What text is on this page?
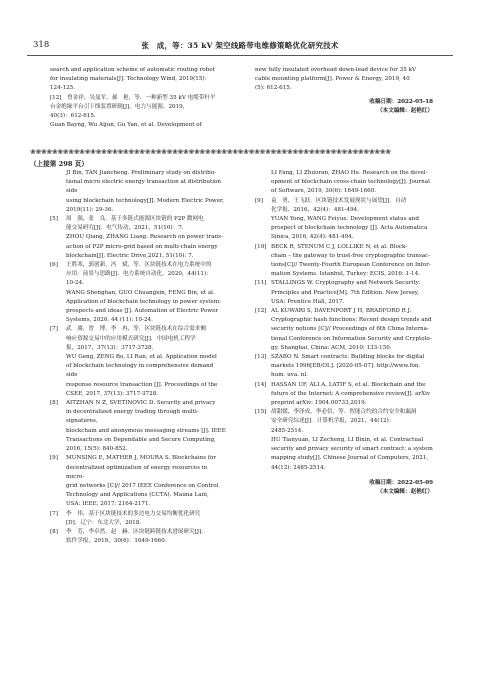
318	张　成，等：35 kV 架空线路带电维修策略优化研究技术

search and application scheme of automatic routing robot

for insulating materials[J]. Technology Wind, 2019(15):

124-125.

[12]　曾金祥，吴曼军，郝　艳，等．一种新型 35 kV 电缆带杆平

台金绝缘平台引下线装置研制[J]．电力与能源，2019，

40(3)：612-615.

Guan Bayng, Wu Aijun, Gu Yan, et al. Development of

new fully insulated overhead down-lead device for 35 kV

cable mounting platform[J]. Power & Energy, 2019, 40

(5): 612-615.

收稿日期：2022-05-18

（本文编辑：赵艳红）

❀❀❀❀❀❀❀❀❀❀❀❀❀❀❀❀❀❀❀❀❀❀❀❀❀❀❀❀❀❀❀❀❀❀❀❀❀❀❀❀❀❀❀❀❀❀❀❀❀❀❀❀❀❀❀❀❀❀❀❀❀❀❀❀❀❀
（上接第 298 页）

JI Bin, TAN Jiancheng. Preliminary study on distribu-

tional micro electric energy transaction at distribution side

using blockchain technology[J]. Modern Electric Power,

2019(11): 29-36.

[5] 周　强，张　良．基于多链式能源区块链的 P2P 微网电

能交易研究[J]．电气传动，2021，51(10)：7.

ZHOU Qiang, ZHANG Liang. Research on power trans-

action of P2P micro-grid based on multi-chain energy

blockchain[J]. Electric Drive,2021, 51(10): 7.

[6] 王胜寒，郭创新，冯　斌，等．区块链技术在电力系统中的

应用：前景与思路[J]．电力系统自动化，2020，44(11)：

10-24.

WANG Shenghan, GUO Chuangxin, FENG Bin, et al.

Application of blockchain technology in power system:

prospects and ideas [J]. Automation of Electric Power

Systems, 2020, 44 (11): 10-24.

[7] 武　赓，曾　博，李　冉，等．区块链技术在综合需求侧

响应资源交易中的应用模式研究[J]．中国电机工程学

报，2017，37(13)：3717-3728.

WU Geng, ZENG Bo, LI Ran, et al. Application model

of blockchain technology in comprehensive demand side

response resource transaction [J]. Proceedings of the

CSEE, 2017, 37(13): 3717-3728.

[8] AITZHAN N Z, SVETINOVIC D. Security and privacy

in decentralized energy trading through multi-signatures,

blockchain and anonymous messaging streams [J]. IEEE

Transactions on Dependable and Secure Computing,

2016, 15(5): 840-852.

[9] MUNSING E, MATHER J, MOURA S. Blockchains for

decentralized optimization of energy resources in micro-

grid networks [C]// 2017 IEEE Conference on Control

Technology and Applications (CCTA). Mauna Lani,

USA: IEEE, 2017: 2164-2171.

[7] 李　伟．基于区块链技术的多边电力交易均衡优化研究

[D]．辽宁：东北大学，2018.

[8] 李　芳，李卓然，赵　赫．区块链跨链技术进展研究[J]．

软件学报，2019，30(6)：1649-1660.

LI Fang, LI Zhuoran, ZHAO He. Research on the devel-

opment of blockchain cross-chain technology[J]. Journal

of Software, 2019, 30(6): 1649-1660.

[9] 袁　勇，王飞跃．区块链技术发展现状与展望[J]．自动

化学报，2016，42(4)：481-494.

YUAN Yong, WANG Feiyue. Development status and

prospect of blockchain technology [J]. Acta Automatica

Sinica, 2016, 42(4): 481-494.

[10] BECK R, STENUM C J, LOLLIKE N, et al. Block-

chain – the gateway to trust-free cryptographic transac-

tions[C]// Twenty-Fourth European Conference on Infor-

mation Systems. Istanbul, Turkey: ECIS, 2016: 1-14.

[11] STALLINGS W. Cryptography and Network Security:

Principles and Practice[M]. 7th Edition. New Jersey,

USA: Prentice Hall, 2017.

[12] AL KUWARI S, DAVENPORT J H, BRADFORD R J.

Cryptographic hash functions: Recent design trends and

security notions [C]// Proceedings of 6th China Interna-

tional Conference on Information Security and Cryptolo-

gy. Shanghai, China: ACM, 2010: 133-150.

[13] SZABO N. Smart contracts: Building blocks for digital

markets 1996[EB/OL]. [2020-05-07]. http://www.fon.

hum. uva. nl.

[14] HASSAN UF, ALI A, LATIF S, et al. Blockchain and the

future of the Internet: A comprehensive review[J]. arXiv

preprint arXiv: 1904.00733,2019.

[15] 胡甜媛，李泽成，李必信，等．智能合约的合约安全和漏洞

安全研究综述[J]．计算机学报，2021，44(12)：

2485-2514.

HU Tianyuan, LI Zecheng, LI Bixin, et al. Contractual

security and privacy security of smart contract: a system

mapping study[J]. Chinese Journal of Computers, 2021,

44(12): 2485-2514.

收稿日期：2022-05-09

（本文编辑：赵艳红）
